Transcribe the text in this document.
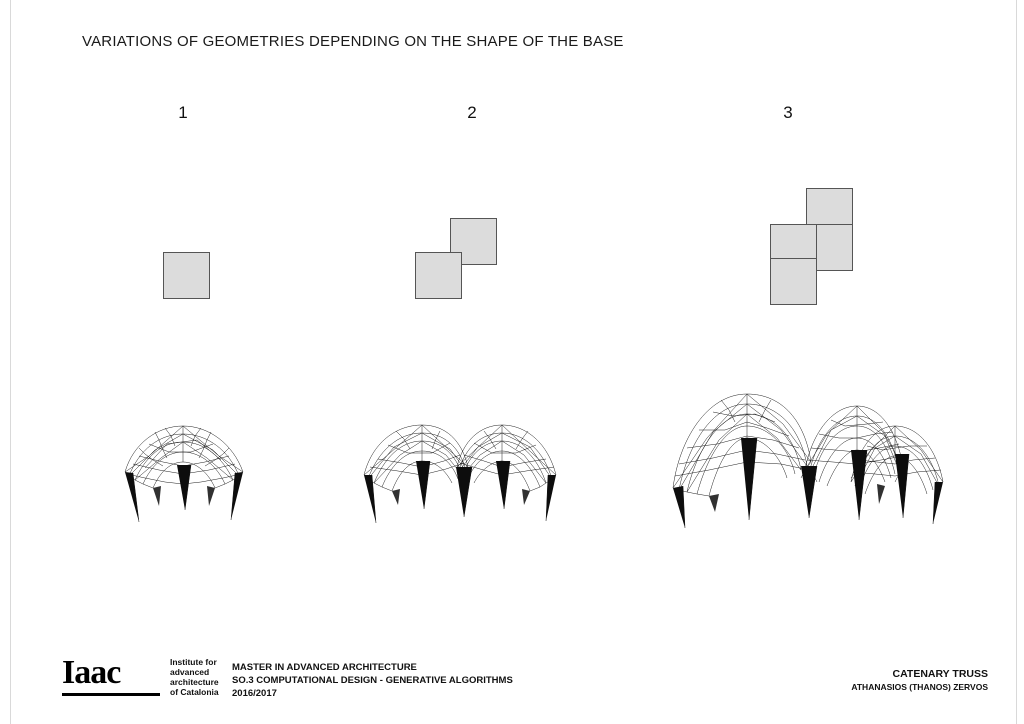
VARIATIONS OF GEOMETRIES DEPENDING ON THE SHAPE OF THE BASE
1	2	3
Iaac	Institute for
advanced
architecture
of Catalonia
MASTER IN ADVANCED ARCHITECTURE
SO.3 COMPUTATIONAL DESIGN - GENERATIVE ALGORITHMS
2016/2017
CATENARY TRUSS
ATHANASIOS (THANOS) ZERVOS
